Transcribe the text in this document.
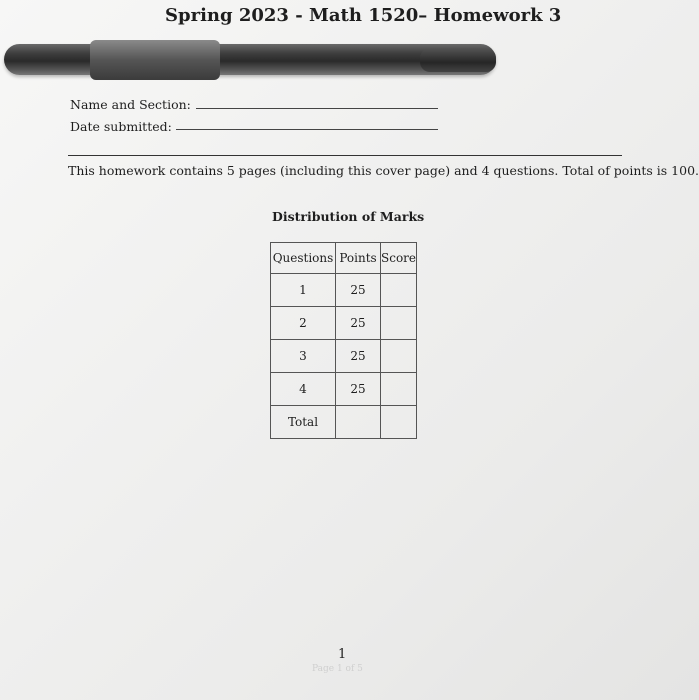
Spring 2023 - Math 1520– Homework 3
Name and Section:
Date submitted:
This homework contains 5 pages (including this cover page) and 4 questions. Total of points is 100.
Distribution of Marks
Questions	Points	Score
1	25	
2	25	
3	25	
4	25	
Total		
1
Page 1 of 5
